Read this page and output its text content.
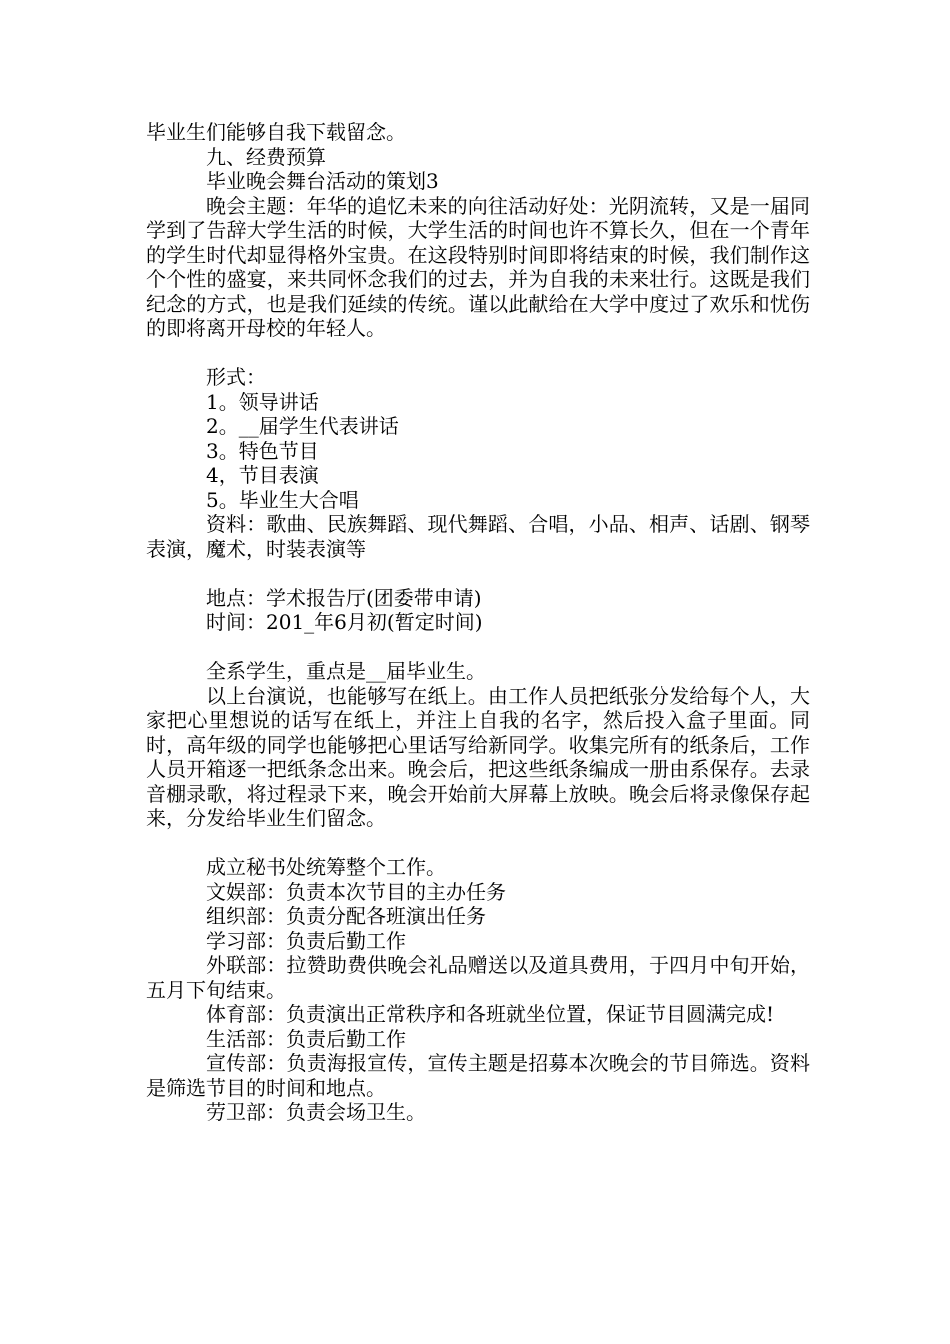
毕业生们能够自我下载留念。

九、经费预算

毕业晚会舞台活动的策划3

晚会主题：年华的追忆未来的向往活动好处：光阴流转，又是一届同学到了告辞大学生活的时候，大学生活的时间也许不算长久，但在一个青年的学生时代却显得格外宝贵。在这段特别时间即将结束的时候，我们制作这个个性的盛宴，来共同怀念我们的过去，并为自我的未来壮行。这既是我们纪念的方式，也是我们延续的传统。谨以此献给在大学中度过了欢乐和忧伤的即将离开母校的年轻人。

形式：

1。领导讲话

2。__届学生代表讲话

3。特色节目

4，节目表演

5。毕业生大合唱

资料：歌曲、民族舞蹈、现代舞蹈、合唱，小品、相声、话剧、钢琴表演，魔术，时装表演等

地点：学术报告厅(团委带申请)

时间：201_年6月初(暂定时间)

全系学生，重点是__届毕业生。

以上台演说，也能够写在纸上。由工作人员把纸张分发给每个人，大家把心里想说的话写在纸上，并注上自我的名字，然后投入盒子里面。同时，高年级的同学也能够把心里话写给新同学。收集完所有的纸条后，工作人员开箱逐一把纸条念出来。晚会后，把这些纸条编成一册由系保存。去录音棚录歌，将过程录下来，晚会开始前大屏幕上放映。晚会后将录像保存起来，分发给毕业生们留念。

成立秘书处统筹整个工作。

文娱部：负责本次节目的主办任务

组织部：负责分配各班演出任务

学习部：负责后勤工作

外联部：拉赞助费供晚会礼品赠送以及道具费用，于四月中旬开始，五月下旬结束。

体育部：负责演出正常秩序和各班就坐位置，保证节目圆满完成!

生活部：负责后勤工作

宣传部：负责海报宣传，宣传主题是招募本次晚会的节目筛选。资料是筛选节目的时间和地点。

劳卫部：负责会场卫生。
